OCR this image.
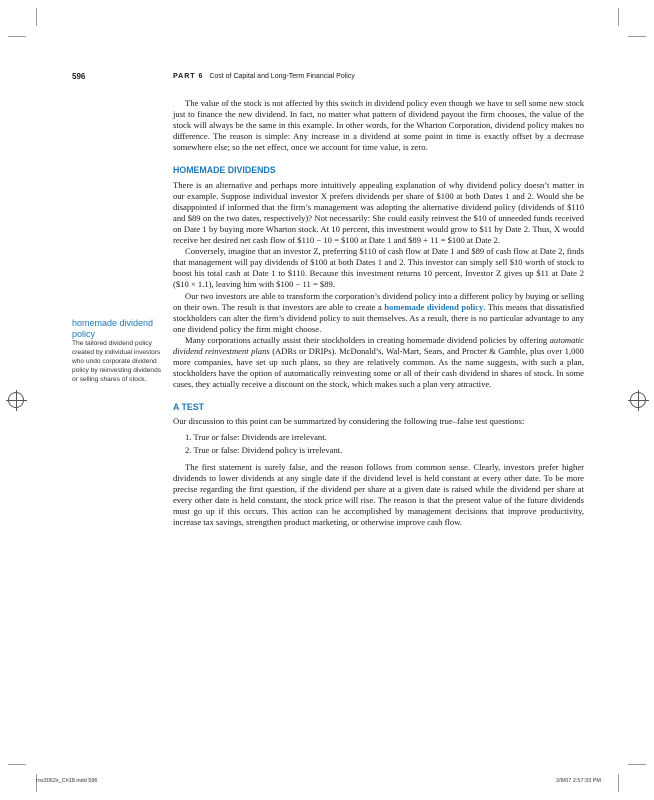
596	PART 6 Cost of Capital and Long-Term Financial Policy
homemade dividend policy
The tailored dividend policy created by individual investors who undo corporate dividend policy by reinvesting dividends or selling shares of stock.

The value of the stock is not affected by this switch in dividend policy even though we have to sell some new stock just to finance the new dividend. In fact, no matter what pattern of dividend payout the firm chooses, the value of the stock will always be the same in this example. In other words, for the Wharton Corporation, dividend policy makes no difference. The reason is simple: Any increase in a dividend at some point in time is exactly offset by a decrease somewhere else; so the net effect, once we account for time value, is zero.

HOMEMADE DIVIDENDS

There is an alternative and perhaps more intuitively appealing explanation of why dividend policy doesn’t matter in our example. Suppose individual investor X prefers dividends per share of $100 at both Dates 1 and 2. Would she be disappointed if informed that the firm’s management was adopting the alternative dividend policy (dividends of $110 and $89 on the two dates, respectively)? Not necessarily: She could easily reinvest the $10 of unneeded funds received on Date 1 by buying more Wharton stock. At 10 percent, this investment would grow to $11 by Date 2. Thus, X would receive her desired net cash flow of $110 − 10 = $100 at Date 1 and $89 + 11 = $100 at Date 2.

Conversely, imagine that an investor Z, preferring $110 of cash flow at Date 1 and $89 of cash flow at Date 2, finds that management will pay dividends of $100 at both Dates 1 and 2. This investor can simply sell $10 worth of stock to boost his total cash at Date 1 to $110. Because this investment returns 10 percent, Investor Z gives up $11 at Date 2 ($10 × 1.1), leaving him with $100 − 11 = $89.

Our two investors are able to transform the corporation’s dividend policy into a different policy by buying or selling on their own. The result is that investors are able to create a homemade dividend policy. This means that dissatisfied stockholders can alter the firm’s dividend policy to suit themselves. As a result, there is no particular advantage to any one dividend policy the firm might choose.

Many corporations actually assist their stockholders in creating homemade dividend policies by offering automatic dividend reinvestment plans (ADRs or DRIPs). McDonald’s, Wal-Mart, Sears, and Procter & Gamble, plus over 1,000 more companies, have set up such plans, so they are relatively common. As the name suggests, with such a plan, stockholders have the option of automatically reinvesting some or all of their cash dividend in shares of stock. In some cases, they actually receive a discount on the stock, which makes such a plan very attractive.

A TEST

Our discussion to this point can be summarized by considering the following true–false test questions:

1. True or false: Dividends are irrelevant.
2. True or false: Dividend policy is irrelevant.

The first statement is surely false, and the reason follows from common sense. Clearly, investors prefer higher dividends to lower dividends at any single date if the dividend level is held constant at every other date. To be more precise regarding the first question, if the dividend per share at a given date is raised while the dividend per share at every other date is held constant, the stock price will rise. The reason is that the present value of the future dividends must go up if this occurs. This action can be accomplished by management decisions that improve productivity, increase tax savings, strengthen product marketing, or otherwise improve cash flow.

ros3062x_Ch18.indd 596	2/8/07 2:57:33 PM
